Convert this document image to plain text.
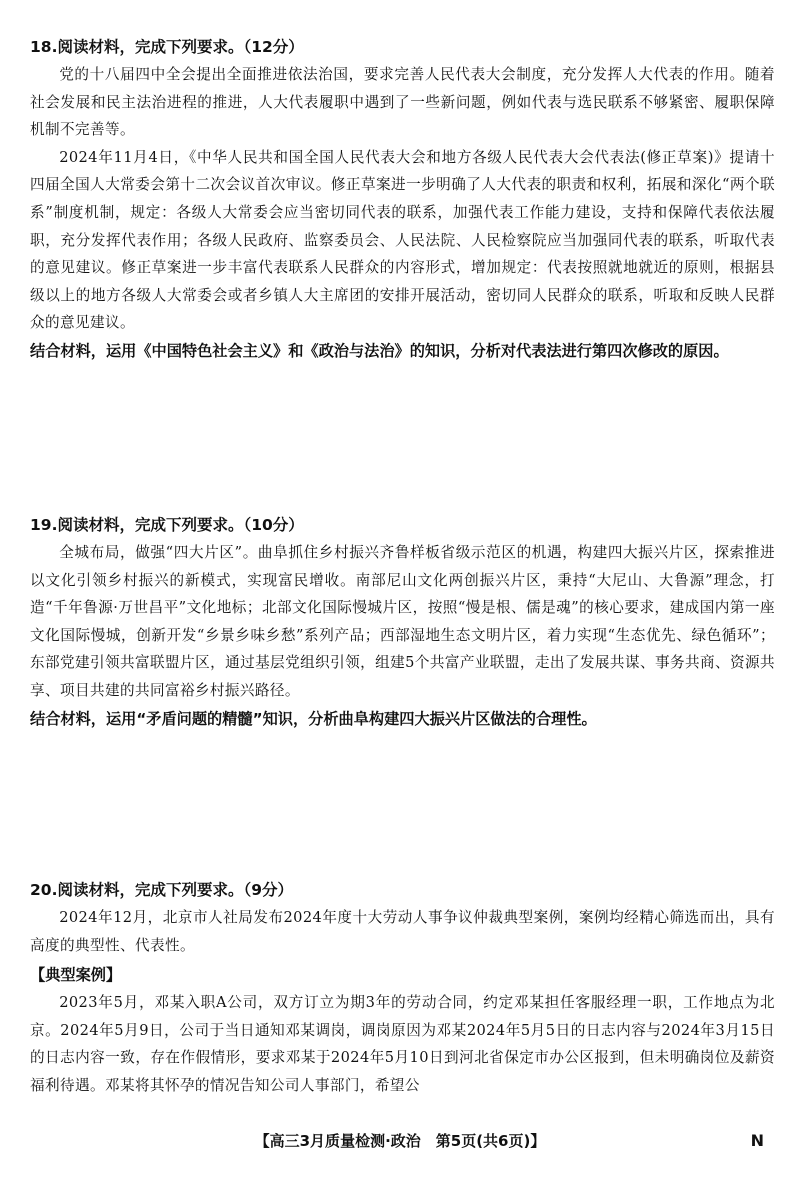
18.阅读材料，完成下列要求。（12分）

党的十八届四中全会提出全面推进依法治国，要求完善人民代表大会制度，充分发挥人大代表的作用。随着社会发展和民主法治进程的推进，人大代表履职中遇到了一些新问题，例如代表与选民联系不够紧密、履职保障机制不完善等。

2024年11月4日，《中华人民共和国全国人民代表大会和地方各级人民代表大会代表法(修正草案)》提请十四届全国人大常委会第十二次会议首次审议。修正草案进一步明确了人大代表的职责和权利，拓展和深化“两个联系”制度机制，规定：各级人大常委会应当密切同代表的联系，加强代表工作能力建设，支持和保障代表依法履职，充分发挥代表作用；各级人民政府、监察委员会、人民法院、人民检察院应当加强同代表的联系，听取代表的意见建议。修正草案进一步丰富代表联系人民群众的内容形式，增加规定：代表按照就地就近的原则，根据县级以上的地方各级人大常委会或者乡镇人大主席团的安排开展活动，密切同人民群众的联系，听取和反映人民群众的意见建议。

结合材料，运用《中国特色社会主义》和《政治与法治》的知识，分析对代表法进行第四次修改的原因。

19.阅读材料，完成下列要求。（10分）

全城布局，做强“四大片区”。曲阜抓住乡村振兴齐鲁样板省级示范区的机遇，构建四大振兴片区，探索推进以文化引领乡村振兴的新模式，实现富民增收。南部尼山文化两创振兴片区，秉持“大尼山、大鲁源”理念，打造“千年鲁源·万世昌平”文化地标；北部文化国际慢城片区，按照“慢是根、儒是魂”的核心要求，建成国内第一座文化国际慢城，创新开发“乡景乡味乡愁”系列产品；西部湿地生态文明片区，着力实现“生态优先、绿色循环”；东部党建引领共富联盟片区，通过基层党组织引领，组建5个共富产业联盟，走出了发展共谋、事务共商、资源共享、项目共建的共同富裕乡村振兴路径。

结合材料，运用“矛盾问题的精髓”知识，分析曲阜构建四大振兴片区做法的合理性。

20.阅读材料，完成下列要求。（9分）

2024年12月，北京市人社局发布2024年度十大劳动人事争议仲裁典型案例，案例均经精心筛选而出，具有高度的典型性、代表性。

【典型案例】

2023年5月，邓某入职A公司，双方订立为期3年的劳动合同，约定邓某担任客服经理一职，工作地点为北京。2024年5月9日，公司于当日通知邓某调岗，调岗原因为邓某2024年5月5日的日志内容与2024年3月15日的日志内容一致，存在作假情形，要求邓某于2024年5月10日到河北省保定市办公区报到，但未明确岗位及薪资福利待遇。邓某将其怀孕的情况告知公司人事部门，希望公

【高三3月质量检测·政治　第5页(共6页)】	N
